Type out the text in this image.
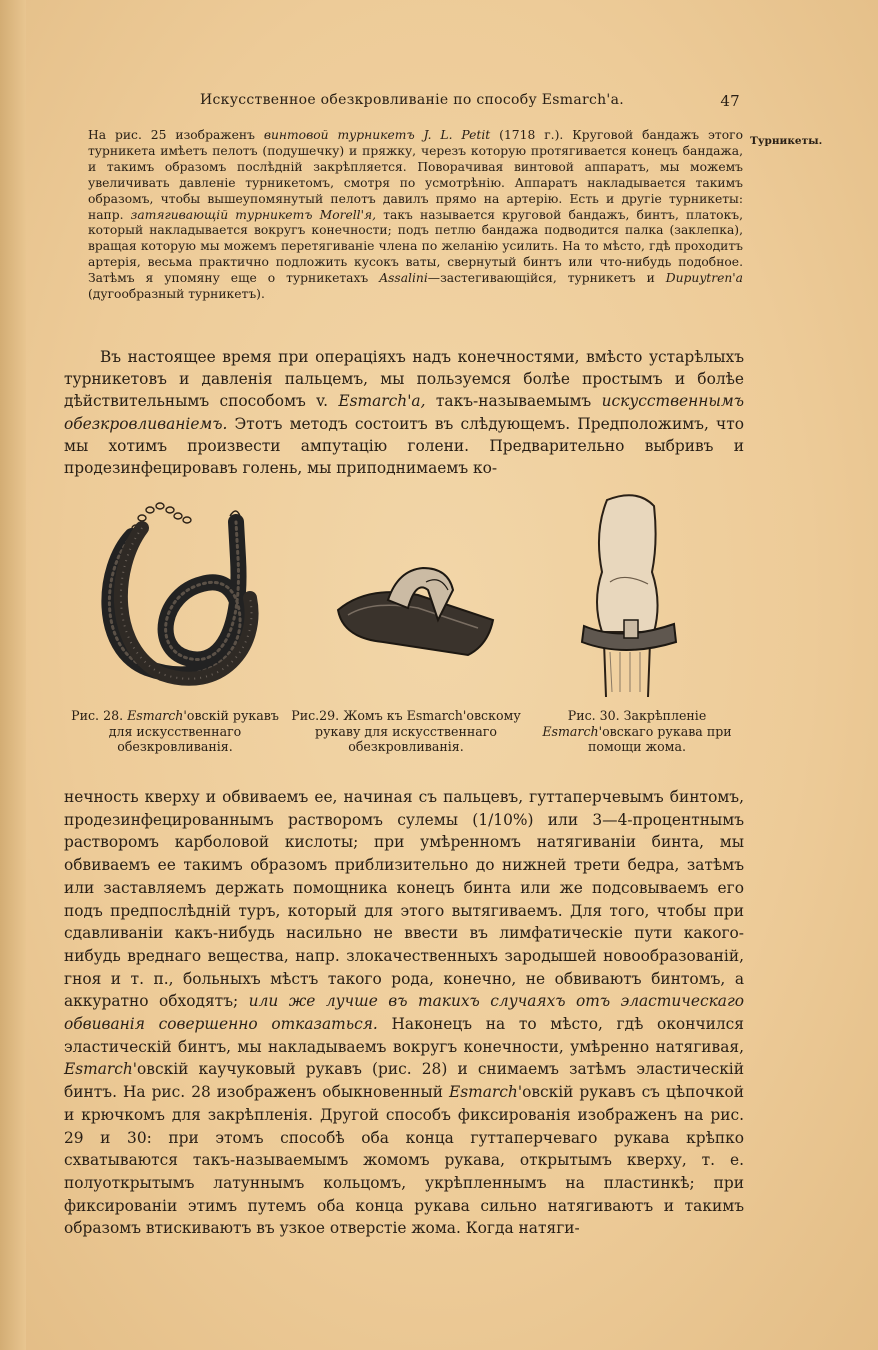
Искусственное обезкровливаніе по способу Esmarch'a.	47
На рис. 25 изображенъ винтовой турникетъ J. L. Petit (1718 г.). Круговой бандажъ этого турникета имѣетъ пелотъ (подушечку) и пряжку, черезъ которую протягивается конецъ бандажа, и такимъ образомъ послѣдній закрѣпляется. Поворачивая винтовой аппаратъ, мы можемъ увеличивать давленіе турникетомъ, смотря по усмотрѣнію. Аппаратъ накладывается такимъ образомъ, чтобы вышеупомянутый пелотъ давилъ прямо на артерію. Есть и другіе турникеты: напр. затягивающій турникетъ Morell'я, такъ называется круговой бандажъ, бинтъ, платокъ, который накладывается вокругъ конечности; подъ петлю бандажа подводится палка (заклепка), вращая которую мы можемъ перетягиваніе члена по желанію усилить. На то мѣсто, гдѣ проходитъ артерія, весьма практично подложить кусокъ ваты, свернутый бинтъ или что-нибудь подобное. Затѣмъ я упомяну еще о турникетахъ Assalini—застегивающійся, турникетъ и Dupuytren'a (дугообразный турникетъ).
Турникеты.
Въ настоящее время при операціяхъ надъ конечностями, вмѣсто устарѣлыхъ турникетовъ и давленія пальцемъ, мы пользуемся болѣе простымъ и болѣе дѣйствительнымъ способомъ v. Esmarch'a, такъ-называемымъ искусственнымъ обезкровливаніемъ. Этотъ методъ состоитъ въ слѣдующемъ. Предположимъ, что мы хотимъ произвести ампутацію голени. Предварительно выбривъ и продезинфецировавъ голень, мы приподнимаемъ ко-
Рис. 28. Esmarch'овскій рукавъ для искусственнаго обезкровливанія.
Рис.29. Жомъ къ Esmarch'овскому рукаву для искусственнаго обезкровливанія.
Рис. 30. Закрѣпленіе Esmarch'овскаго рукава при помощи жома.
нечность кверху и обвиваемъ ее, начиная съ пальцевъ, гуттаперчевымъ бинтомъ, продезинфецированнымъ растворомъ сулемы (1/10%) или 3—4-процентнымъ растворомъ карболовой кислоты; при умѣренномъ натягиваніи бинта, мы обвиваемъ ее такимъ образомъ приблизительно до нижней трети бедра, затѣмъ или заставляемъ держать помощника конецъ бинта или же подсовываемъ его подъ предпослѣдній туръ, который для этого вытягиваемъ. Для того, чтобы при сдавливаніи какъ-нибудь насильно не ввести въ лимфатическіе пути какого-нибудь вреднаго вещества, напр. злокачественныхъ зародышей новообразованій, гноя и т. п., больныхъ мѣстъ такого рода, конечно, не обвиваютъ бинтомъ, а аккуратно обходятъ; или же лучше въ такихъ случаяхъ отъ эластическаго обвиванія совершенно отказаться. Наконецъ на то мѣсто, гдѣ окончился эластическій бинтъ, мы накладываемъ вокругъ конечности, умѣренно натягивая, Esmarch'овскій каучуковый рукавъ (рис. 28) и снимаемъ затѣмъ эластическій бинтъ. На рис. 28 изображенъ обыкновенный Esmarch'овскій рукавъ съ цѣпочкой и крючкомъ для закрѣпленія. Другой способъ фиксированія изображенъ на рис. 29 и 30: при этомъ способѣ оба конца гуттаперчеваго рукава крѣпко схватываются такъ-называемымъ жомомъ рукава, открытымъ кверху, т. е. полуоткрытымъ латуннымъ кольцомъ, укрѣпленнымъ на пластинкѣ; при фиксированіи этимъ путемъ оба конца рукава сильно натягиваютъ и такимъ образомъ втискиваютъ въ узкое отверстіе жома. Когда натяги-
